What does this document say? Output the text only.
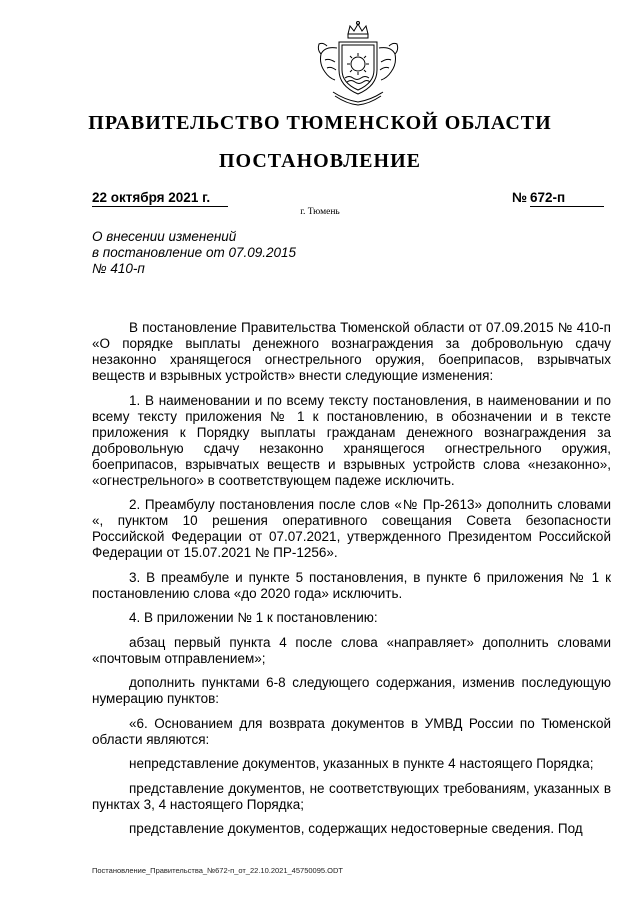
ПРАВИТЕЛЬСТВО ТЮМЕНСКОЙ ОБЛАСТИ
ПОСТАНОВЛЕНИЕ
22 октября 2021 г.	№ 672-п
г. Тюмень
О внесении изменений
в постановление от 07.09.2015
№ 410-п

В постановление Правительства Тюменской области от 07.09.2015 № 410-п «О порядке выплаты денежного вознаграждения за добровольную сдачу незаконно хранящегося огнестрельного оружия, боеприпасов, взрывчатых веществ и взрывных устройств» внести следующие изменения:

1. В наименовании и по всему тексту постановления, в наименовании и по всему тексту приложения № 1 к постановлению, в обозначении и в тексте приложения к Порядку выплаты гражданам денежного вознаграждения за добровольную сдачу незаконно хранящегося огнестрельного оружия, боеприпасов, взрывчатых веществ и взрывных устройств слова «незаконно», «огнестрельного» в соответствующем падеже исключить.

2. Преамбулу постановления после слов «№ Пр-2613» дополнить словами «, пунктом 10 решения оперативного совещания Совета безопасности Российской Федерации от 07.07.2021, утвержденного Президентом Российской Федерации от 15.07.2021 № ПР-1256».

3. В преамбуле и пункте 5 постановления, в пункте 6 приложения № 1 к постановлению слова «до 2020 года» исключить.

4. В приложении № 1 к постановлению:

абзац первый пункта 4 после слова «направляет» дополнить словами «почтовым отправлением»;

дополнить пунктами 6-8 следующего содержания, изменив последующую нумерацию пунктов:

«6. Основанием для возврата документов в УМВД России по Тюменской области являются:

непредставление документов, указанных в пункте 4 настоящего Порядка;

представление документов, не соответствующих требованиям, указанных в пунктах 3, 4 настоящего Порядка;

представление документов, содержащих недостоверные сведения. Под

Постановление_Правительства_№672-п_от_22.10.2021_45750095.ODT
